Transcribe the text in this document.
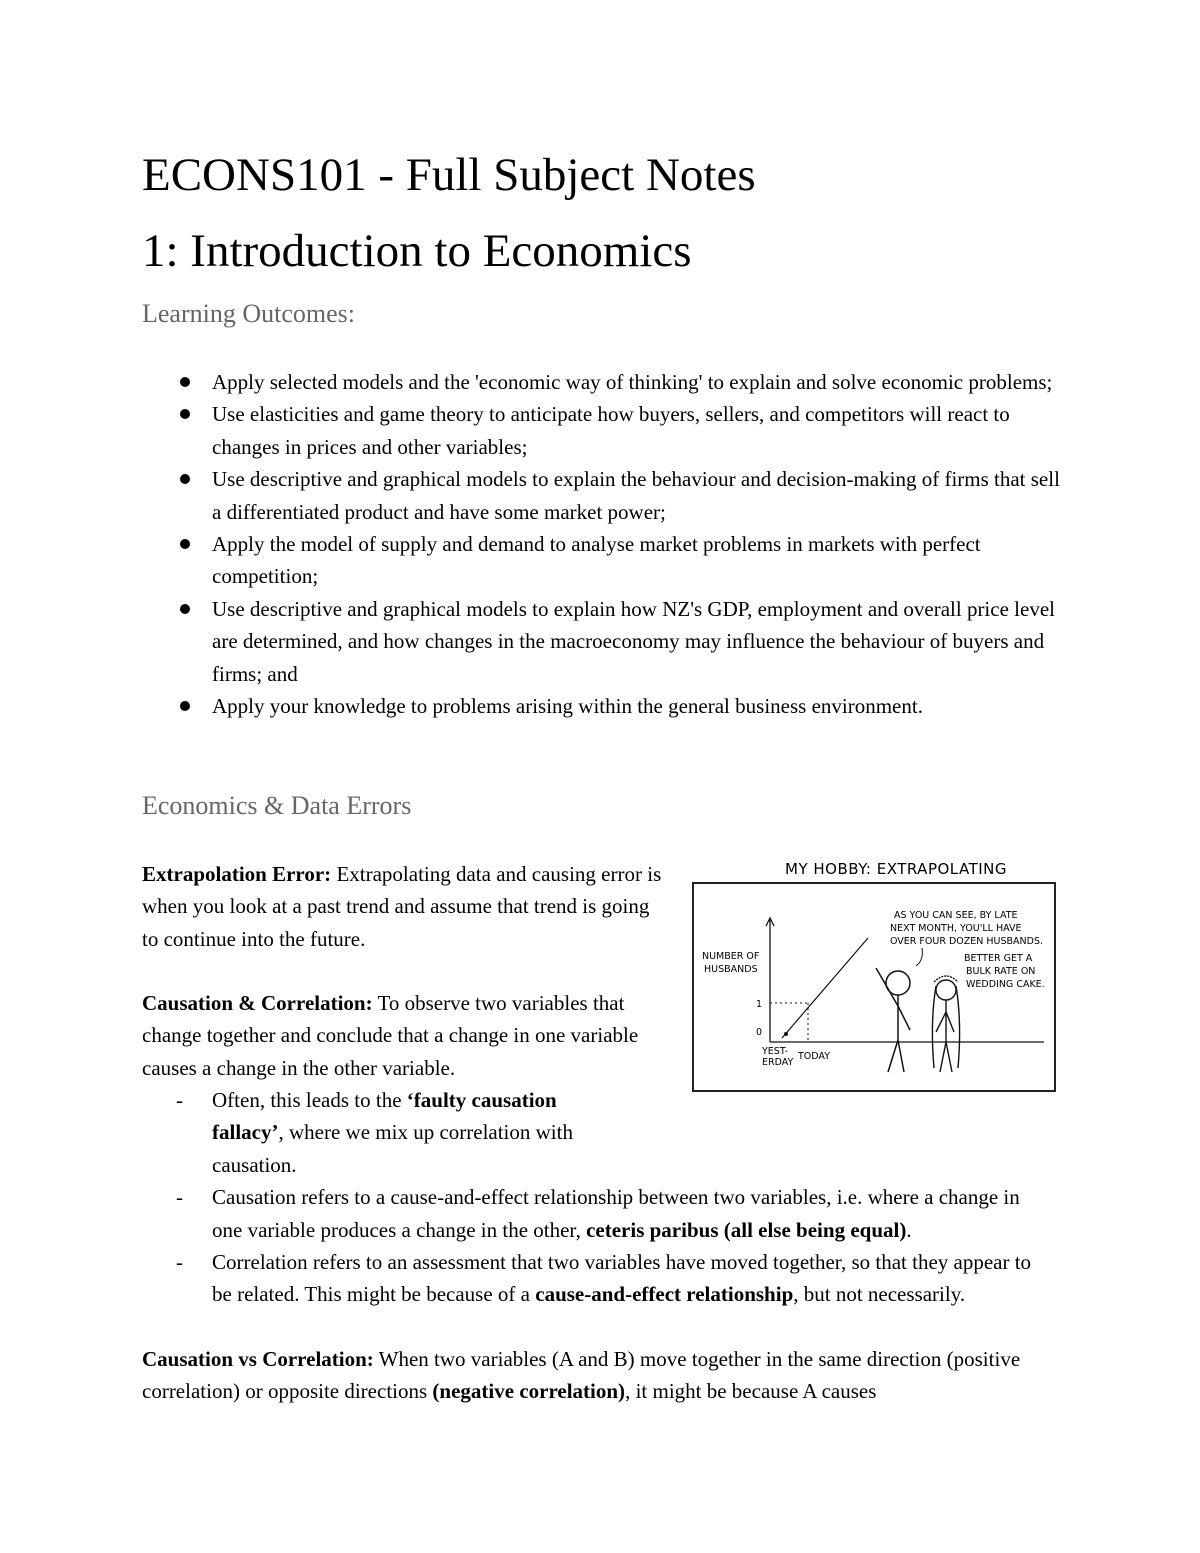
ECONS101 - Full Subject Notes
1: Introduction to Economics
Learning Outcomes:
Apply selected models and the 'economic way of thinking' to explain and solve economic problems;
Use elasticities and game theory to anticipate how buyers, sellers, and competitors will react to changes in prices and other variables;
Use descriptive and graphical models to explain the behaviour and decision-making of firms that sell a differentiated product and have some market power;
Apply the model of supply and demand to analyse market problems in markets with perfect competition;
Use descriptive and graphical models to explain how NZ's GDP, employment and overall price level are determined, and how changes in the macroeconomy may influence the behaviour of buyers and firms; and
Apply your knowledge to problems arising within the general business environment.
Economics & Data Errors

Extrapolation Error: Extrapolating data and causing error is when you look at a past trend and assume that trend is going to continue into the future.

Causation & Correlation: To observe two variables that change together and conclude that a change in one variable causes a change in the other variable.

- Often, this leads to the ‘faulty causation fallacy’, where we mix up correlation with causation.
- Causation refers to a cause-and-effect relationship between two variables, i.e. where a change in one variable produces a change in the other, ceteris paribus (all else being equal).
- Correlation refers to an assessment that two variables have moved together, so that they appear to be related. This might be because of a cause-and-effect relationship, but not necessarily.

Causation vs Correlation: When two variables (A and B) move together in the same direction (positive correlation) or opposite directions (negative correlation), it might be because A causes

MY HOBBY: EXTRAPOLATING
NUMBER OF
HUSBANDS
1
0
YEST-
ERDAY
TODAY
AS YOU CAN SEE, BY LATE
NEXT MONTH, YOU'LL HAVE
OVER FOUR DOZEN HUSBANDS.
BETTER GET A
BULK RATE ON
WEDDING CAKE.
